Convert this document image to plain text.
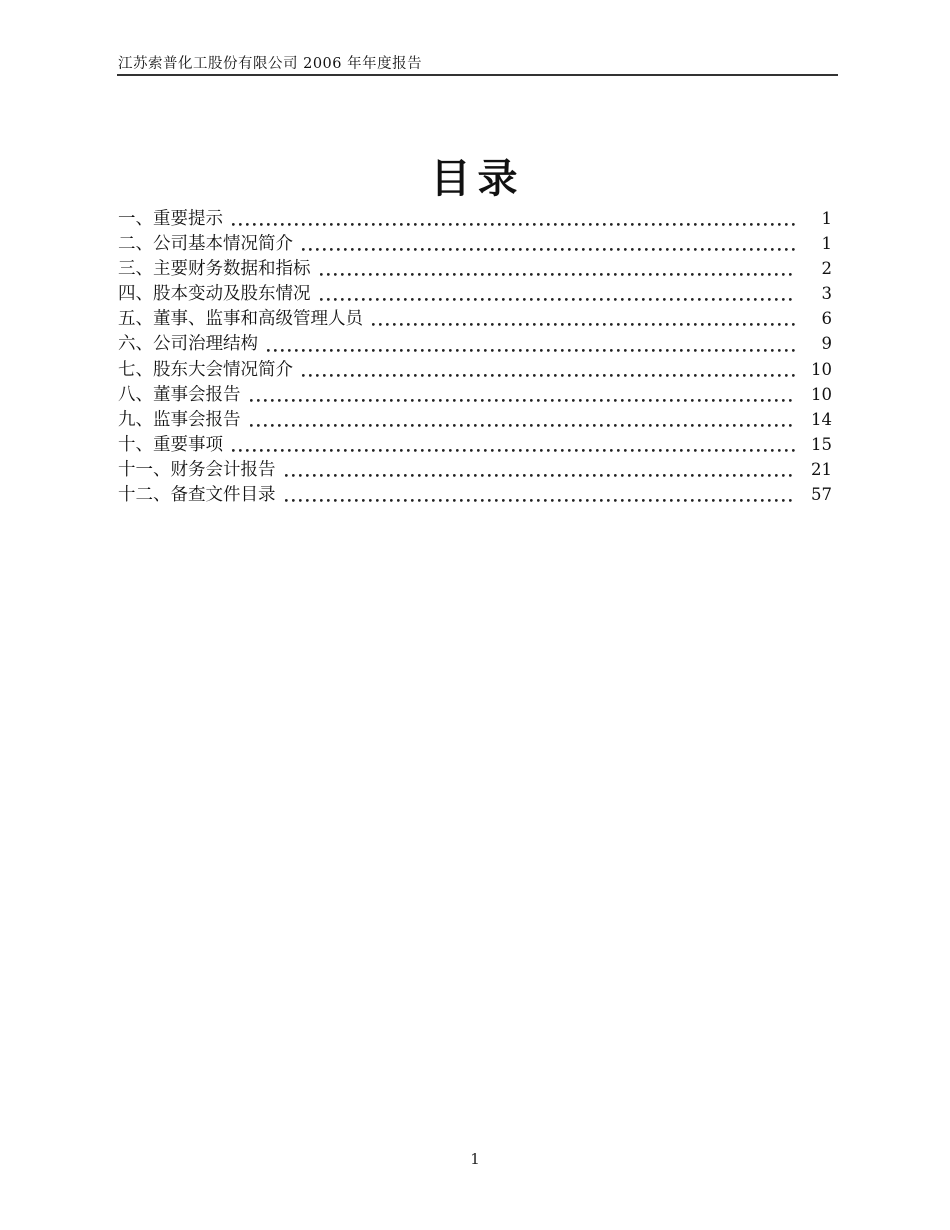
江苏索普化工股份有限公司 2006 年年度报告
目录
一、重要提示	1
二、公司基本情况简介	1
三、主要财务数据和指标	2
四、股本变动及股东情况	3
五、董事、监事和高级管理人员	6
六、公司治理结构	9
七、股东大会情况简介	10
八、董事会报告	10
九、监事会报告	14
十、重要事项	15
十一、财务会计报告	21
十二、备查文件目录	57
1
